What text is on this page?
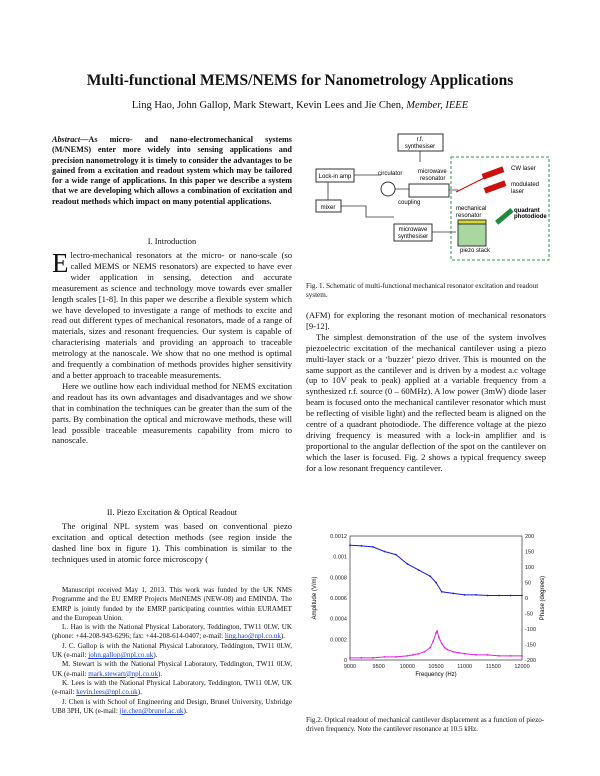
Multi-functional MEMS/NEMS for Nanometrology Applications
Ling Hao, John Gallop, Mark Stewart, Kevin Lees and Jie Chen, Member, IEEE
Abstract—As micro- and nano-electromechanical systems (M/NEMS) enter more widely into sensing applications and precision nanometrology it is timely to consider the advantages to be gained from a excitation and readout system which may be tailored for a wide range of applications. In this paper we describe a system that we are developing which allows a combination of excitation and readout methods which impact on many potential applications.
I. Introduction

Electro-mechanical resonators at the micro- or nano-scale (so called MEMS or NEMS resonators) are expected to have ever wider application in sensing, detection and accurate measurement as science and technology move towards ever smaller length scales [1-8]. In this paper we describe a flexible system which we have developed to investigate a range of methods to excite and read out different types of mechanical resonators, made of a range of materials, sizes and resonant frequencies. Our system is capable of characterising materials and providing an approach to traceable metrology at the nanoscale. We show that no one method is optimal and frequently a combination of methods provides higher sensitivity and a better approach to traceable measurements.

Here we outline how each individual method for NEMS excitation and readout has its own advantages and disadvantages and we show that in combination the techniques can be greater than the sum of the parts. By combination the optical and microwave methods, these will lead possible traceable measurements capability from micro to nanoscale.

II. Piezo Excitation & Optical Readout

The original NPL system was based on conventional piezo excitation and optical detection methods (see region inside the dashed line box in figure 1). This combination is similar to the techniques used in atomic force microscopy (

Manuscript received May 1, 2013. This work was funded by the UK NMS Programme and the EU EMRP Projects MetNEMS (NEW-08) and EMINDA. The EMRP is jointly funded by the EMRP participating countries within EURAMET and the European Union.

L. Hao is with the National Physical Laboratory, Teddington, TW11 0LW, UK (phone: +44-208-943-6296; fax: +44-208-614-0407; e-mail: ling.hao@npl.co.uk).

J. C. Gallop is with the National Physical Laboratory, Teddington, TW11 0LW, UK (e-mail: john.gallop@npl.co.uk).

M. Stewart is with the National Physical Laboratory, Teddington, TW11 0LW, UK (e-mail: mark.stewart@npl.co.uk).

K. Lees is with the National Physical Laboratory, Teddington, TW11 0LW, UK (e-mail: kevin.lees@npl.co.uk).

J. Chen is with School of Engineering and Design, Brunel University, Uxbridge UB8 3PH, UK (e-mail: jie.chen@brunel.ac.uk).

r.f.
synthesiser
Lock-in amp	circulator	microwave
resonator
CW laser
modulated
laser
mixer
coupling
mechanical
resonator
quadrant
photodiode
microwave
synthesiser
piezo stack
Fig. 1. Schematic of multi-functional mechanical resonator excitation and readout system.

(AFM) for exploring the resonant motion of mechanical resonators [9-12].

The simplest demonstration of the use of the system involves piezoelectric excitation of the mechanical cantilever using a piezo multi-layer stack or a ‘buzzer’ piezo driver. This is mounted on the same support as the cantilever and is driven by a modest a.c voltage (up to 10V peak to peak) applied at a variable frequency from a synthesized r.f. source (0 – 60MHz). A low power (3mW) diode laser beam is focused onto the mechanical cantilever resonator which must be reflecting of visible light) and the reflected beam is aligned on the centre of a quadrant photodiode. The difference voltage at the piezo driving frequency is measured with a lock-in amplifier and is proportional to the angular deflection of the spot on the cantilever on which the laser is focused. Fig. 2 shows a typical frequency sweep for a low resonant frequency cantilever.

9000	9500	10000 10500 11000	11500 12000
0.0012
0.001
0.0008
0.0006
0.0004
0.0002
0
200
150
100
50
0
-50
-100
-150
-200
Frequency (Hz)
Amplitude (V/m)	Phase (degrees)
Fig.2. Optical readout of mechanical cantilever displacement as a function of piezo-driven frequency. Note the cantilever resonance at 10.5 kHz.
